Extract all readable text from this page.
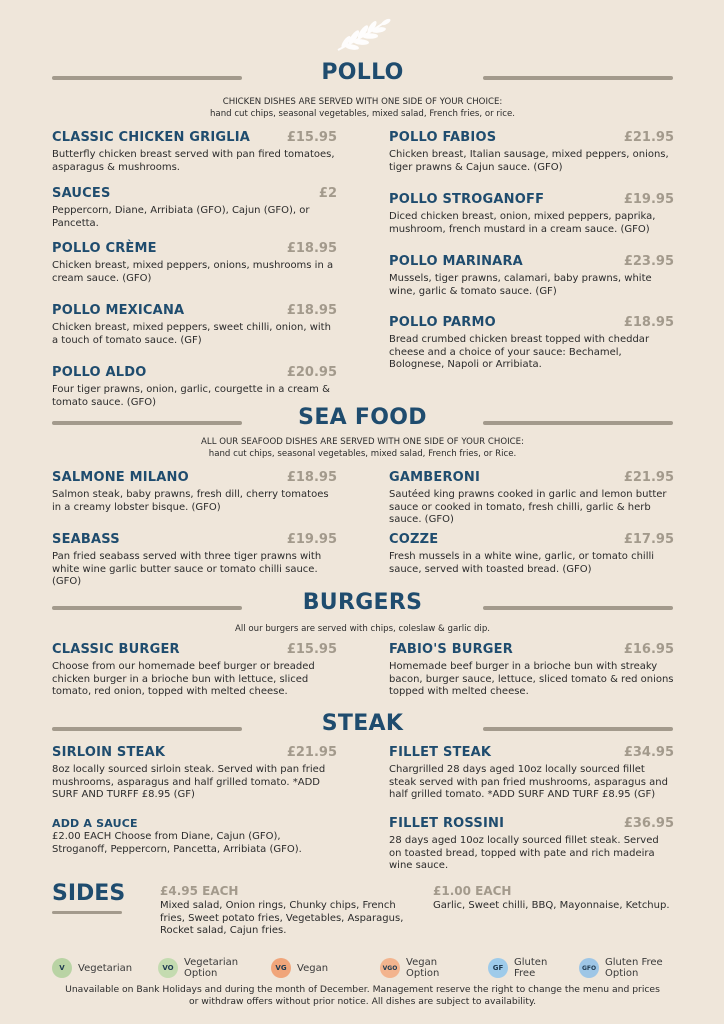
POLLO
CHICKEN DISHES ARE SERVED WITH ONE SIDE OF YOUR CHOICE:
hand cut chips, seasonal vegetables, mixed salad, French fries, or rice.
CLASSIC CHICKEN GRIGLIA	£15.95
Butterfly chicken breast served with pan fired tomatoes, asparagus & mushrooms.
SAUCES	£2
Peppercorn, Diane, Arribiata (GFO), Cajun (GFO), or Pancetta.
POLLO CRÈME	£18.95
Chicken breast, mixed peppers, onions, mushrooms in a cream sauce. (GFO)
POLLO MEXICANA	£18.95
Chicken breast, mixed peppers, sweet chilli, onion, with a touch of tomato sauce. (GF)
POLLO ALDO	£20.95
Four tiger prawns, onion, garlic, courgette in a cream & tomato sauce. (GFO)
POLLO FABIOS	£21.95
Chicken breast, Italian sausage, mixed peppers, onions, tiger prawns & Cajun sauce. (GFO)
POLLO STROGANOFF	£19.95
Diced chicken breast, onion, mixed peppers, paprika, mushroom, french mustard in a cream sauce. (GFO)
POLLO MARINARA	£23.95
Mussels, tiger prawns, calamari, baby prawns, white wine, garlic & tomato sauce. (GF)
POLLO PARMO	£18.95
Bread crumbed chicken breast topped with cheddar cheese and a choice of your sauce: Bechamel, Bolognese, Napoli or Arribiata.
SEA FOOD
ALL OUR SEAFOOD DISHES ARE SERVED WITH ONE SIDE OF YOUR CHOICE:
hand cut chips, seasonal vegetables, mixed salad, French fries, or Rice.
SALMONE MILANO	£18.95
Salmon steak, baby prawns, fresh dill, cherry tomatoes in a creamy lobster bisque. (GFO)
SEABASS	£19.95
Pan fried seabass served with three tiger prawns with white wine garlic butter sauce or tomato chilli sauce. (GFO)
GAMBERONI	£21.95
Sautéed king prawns cooked in garlic and lemon butter sauce or cooked in tomato, fresh chilli, garlic & herb sauce. (GFO)
COZZE	£17.95
Fresh mussels in a white wine, garlic, or tomato chilli sauce, served with toasted bread. (GFO)
BURGERS
All our burgers are served with chips, coleslaw & garlic dip.
CLASSIC BURGER	£15.95
Choose from our homemade beef burger or breaded chicken burger in a brioche bun with lettuce, sliced tomato, red onion, topped with melted cheese.
FABIO'S BURGER	£16.95
Homemade beef burger in a brioche bun with streaky bacon, burger sauce, lettuce, sliced tomato & red onions topped with melted cheese.
STEAK
SIRLOIN STEAK	£21.95
8oz locally sourced sirloin steak. Served with pan fried mushrooms, asparagus and half grilled tomato. *ADD SURF AND TURFF £8.95 (GF)
ADD A SAUCE
£2.00 EACH Choose from Diane, Cajun (GFO), Stroganoff, Peppercorn, Pancetta, Arribiata (GFO).
FILLET STEAK	£34.95
Chargrilled 28 days aged 10oz locally sourced fillet steak served with pan fried mushrooms, asparagus and half grilled tomato. *ADD SURF AND TURF £8.95 (GF)
FILLET ROSSINI	£36.95
28 days aged 10oz locally sourced fillet steak. Served on toasted bread, topped with pate and rich madeira wine sauce.
SIDES	£4.95 EACH
Mixed salad, Onion rings, Chunky chips, French fries, Sweet potato fries, Vegetables, Asparagus, Rocket salad, Cajun fries.
£1.00 EACH
Garlic, Sweet chilli, BBQ, Mayonnaise, Ketchup.
V	Vegetarian	VO	Vegetarian Option	VG	Vegan	VGO Vegan Option	GF	Gluten Free	GFO Gluten Free Option
Unavailable on Bank Holidays and during the month of December. Management reserve the right to change the menu and prices
or withdraw offers without prior notice. All dishes are subject to availability.
